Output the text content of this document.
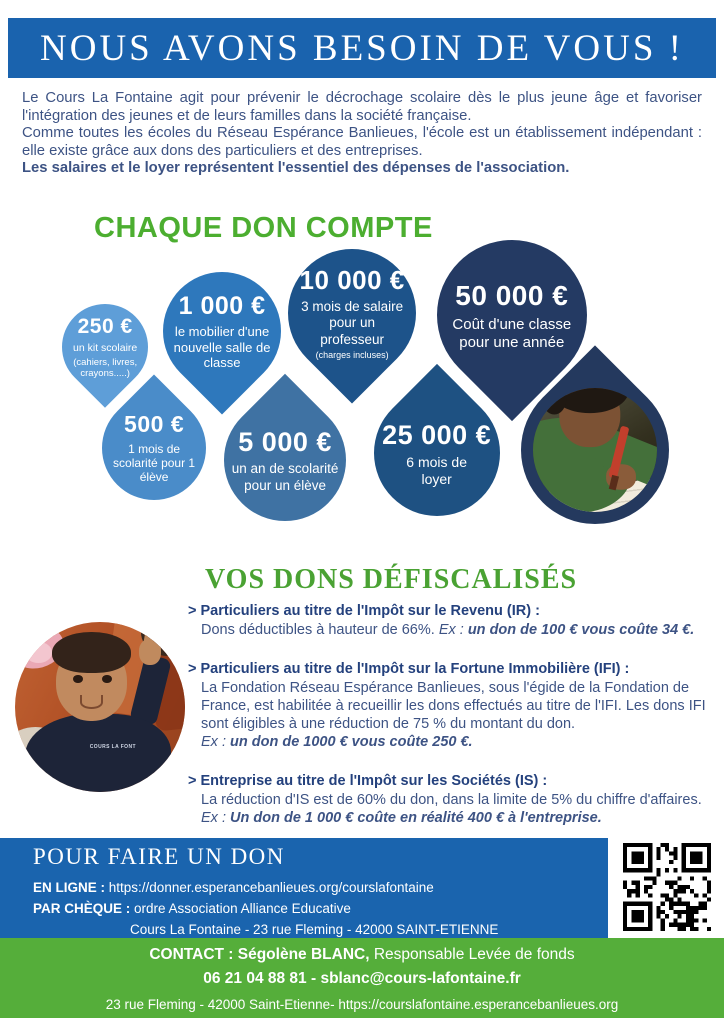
NOUS AVONS BESOIN DE VOUS !

Le Cours La Fontaine agit pour prévenir le décrochage scolaire dès le plus jeune âge et favoriser l'intégration des jeunes et de leurs familles dans la société française.

Comme toutes les écoles du Réseau Espérance Banlieues, l'école est un établissement indépendant : elle existe grâce aux dons des particuliers et des entreprises.

Les salaires et le loyer représentent l'essentiel des dépenses de l'association.

CHAQUE DON COMPTE
250 €
un kit scolaire
(cahiers, livres, crayons.....)
1 000 €
le mobilier d'une nouvelle salle de classe
10 000 €
3 mois de salaire pour un professeur
(charges incluses)
50 000 €
Coût d'une classe pour une année
500 €
1 mois de scolarité pour 1 élève
5 000 €
un an de scolarité pour un élève
25 000 €
6 mois de loyer
VOS DONS DÉFISCALISÉS
COURS LA FONT
> Particuliers au titre de l'Impôt sur le Revenu (IR) :

Dons déductibles à hauteur de 66%. Ex : un don de 100 € vous coûte 34 €.

> Particuliers au titre de l'Impôt sur la Fortune Immobilière (IFI) :

La Fondation Réseau Espérance Banlieues, sous l'égide de la Fondation de France, est habilitée à recueillir les dons effectués au titre de l'IFI. Les dons IFI sont éligibles à une réduction de 75 % du montant du don.

Ex : un don de 1000 € vous coûte 250 €.

> Entreprise au titre de l'Impôt sur les Sociétés (IS) :

La réduction d'IS est de 60% du don, dans la limite de 5% du chiffre d'affaires.

Ex : Un don de 1 000 € coûte en réalité 400 € à l'entreprise.

POUR FAIRE UN DON
EN LIGNE : https://donner.esperancebanlieues.org/courslafontaine
PAR CHÈQUE : ordre Association Alliance Educative
Cours La Fontaine - 23 rue Fleming - 42000 SAINT-ETIENNE
CONTACT : Ségolène BLANC, Responsable Levée de fonds
06 21 04 88 81 - sblanc@cours-lafontaine.fr
23 rue Fleming - 42000 Saint-Etienne- https://courslafontaine.esperancebanlieues.org
